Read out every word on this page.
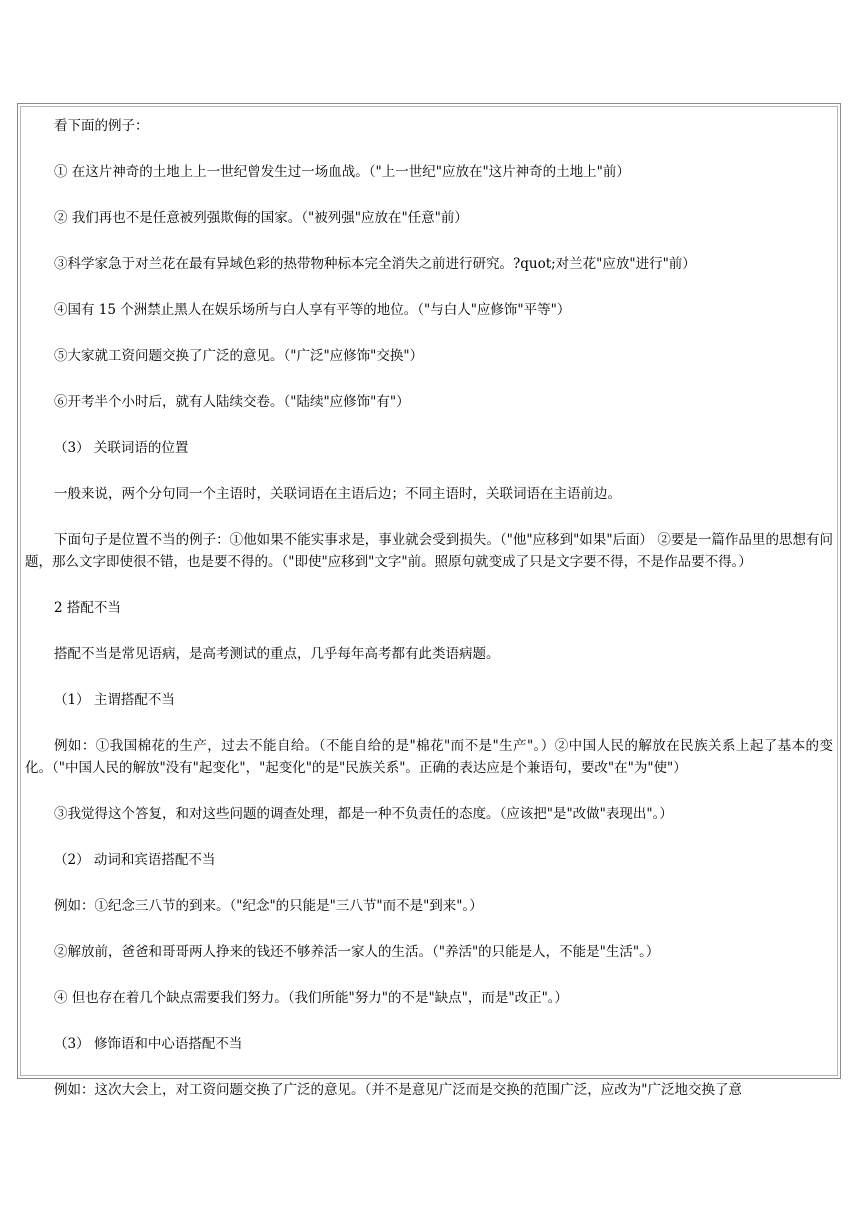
看下面的例子：

① 在这片神奇的土地上上一世纪曾发生过一场血战。（"上一世纪"应放在"这片神奇的土地上"前）

② 我们再也不是任意被列强欺侮的国家。（"被列强"应放在"任意"前）

③科学家急于对兰花在最有异域色彩的热带物种标本完全消失之前进行研究。?quot;对兰花"应放"进行"前）

④国有 15 个洲禁止黑人在娱乐场所与白人享有平等的地位。（"与白人"应修饰"平等"）

⑤大家就工资问题交换了广泛的意见。（"广泛"应修饰"交换"）

⑥开考半个小时后，就有人陆续交卷。（"陆续"应修饰"有"）

（3） 关联词语的位置

一般来说，两个分句同一个主语时，关联词语在主语后边；不同主语时，关联词语在主语前边。

下面句子是位置不当的例子：①他如果不能实事求是，事业就会受到损失。（"他"应移到"如果"后面） ②要是一篇作品里的思想有问题，那么文字即使很不错，也是要不得的。（"即使"应移到"文字"前。照原句就变成了只是文字要不得，不是作品要不得。）

2 搭配不当

搭配不当是常见语病，是高考测试的重点，几乎每年高考都有此类语病题。

（1） 主谓搭配不当

例如：①我国棉花的生产，过去不能自给。（不能自给的是"棉花"而不是"生产"。）②中国人民的解放在民族关系上起了基本的变化。（"中国人民的解放"没有"起变化"，"起变化"的是"民族关系"。正确的表达应是个兼语句，要改"在"为"使"）

③我觉得这个答复，和对这些问题的调查处理，都是一种不负责任的态度。（应该把"是"改做"表现出"。）

（2） 动词和宾语搭配不当

例如：①纪念三八节的到来。（"纪念"的只能是"三八节"而不是"到来"。）

②解放前，爸爸和哥哥两人挣来的钱还不够养活一家人的生活。（"养活"的只能是人，不能是"生活"。）

④ 但也存在着几个缺点需要我们努力。（我们所能"努力"的不是"缺点"，而是"改正"。）

（3） 修饰语和中心语搭配不当

例如：这次大会上，对工资问题交换了广泛的意见。（并不是意见广泛而是交换的范围广泛，应改为"广泛地交换了意
